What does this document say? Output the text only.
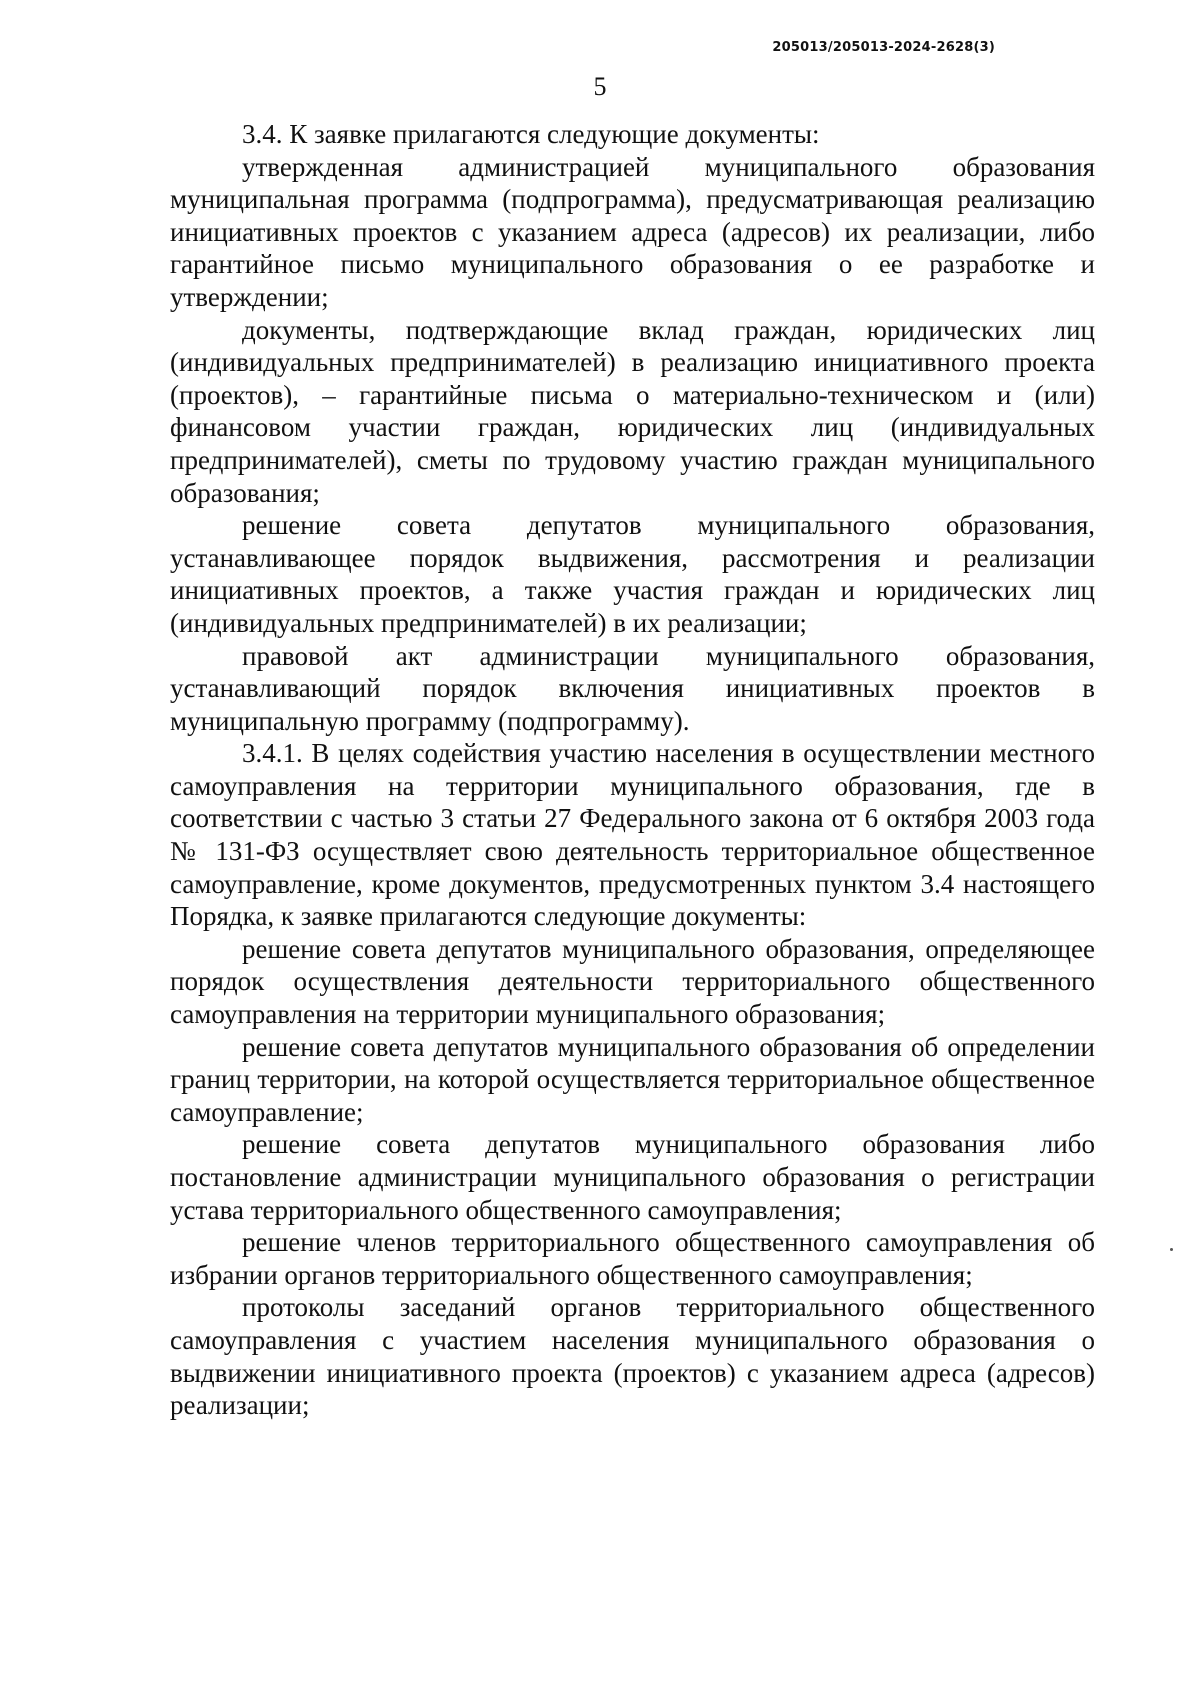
205013/205013-2024-2628(3)
5

3.4. К заявке прилагаются следующие документы:

утвержденная администрацией муниципального образования муниципальная программа (подпрограмма), предусматривающая реализацию инициативных проектов с указанием адреса (адресов) их реализации, либо гарантийное письмо муниципального образования о ее разработке и утверждении;

документы, подтверждающие вклад граждан, юридических лиц (индивидуальных предпринимателей) в реализацию инициативного проекта (проектов), – гарантийные письма о материально-техническом и (или) финансовом участии граждан, юридических лиц (индивидуальных предпринимателей), сметы по трудовому участию граждан муниципального образования;

решение совета депутатов муниципального образования, устанавливающее порядок выдвижения, рассмотрения и реализации инициативных проектов, а также участия граждан и юридических лиц (индивидуальных предпринимателей) в их реализации;

правовой акт администрации муниципального образования, устанавливающий порядок включения инициативных проектов в муниципальную программу (подпрограмму).

3.4.1. В целях содействия участию населения в осуществлении местного самоуправления на территории муниципального образования, где в соответствии с частью 3 статьи 27 Федерального закона от 6 октября 2003 года № 131-ФЗ осуществляет свою деятельность территориальное общественное самоуправление, кроме документов, предусмотренных пунктом 3.4 настоящего Порядка, к заявке прилагаются следующие документы:

решение совета депутатов муниципального образования, определяющее порядок осуществления деятельности территориального общественного самоуправления на территории муниципального образования;

решение совета депутатов муниципального образования об определении границ территории, на которой осуществляется территориальное общественное самоуправление;

решение совета депутатов муниципального образования либо постановление администрации муниципального образования о регистрации устава территориального общественного самоуправления;

решение членов территориального общественного самоуправления об избрании органов территориального общественного самоуправления;

протоколы заседаний органов территориального общественного самоуправления с участием населения муниципального образования о выдвижении инициативного проекта (проектов) с указанием адреса (адресов) реализации;
